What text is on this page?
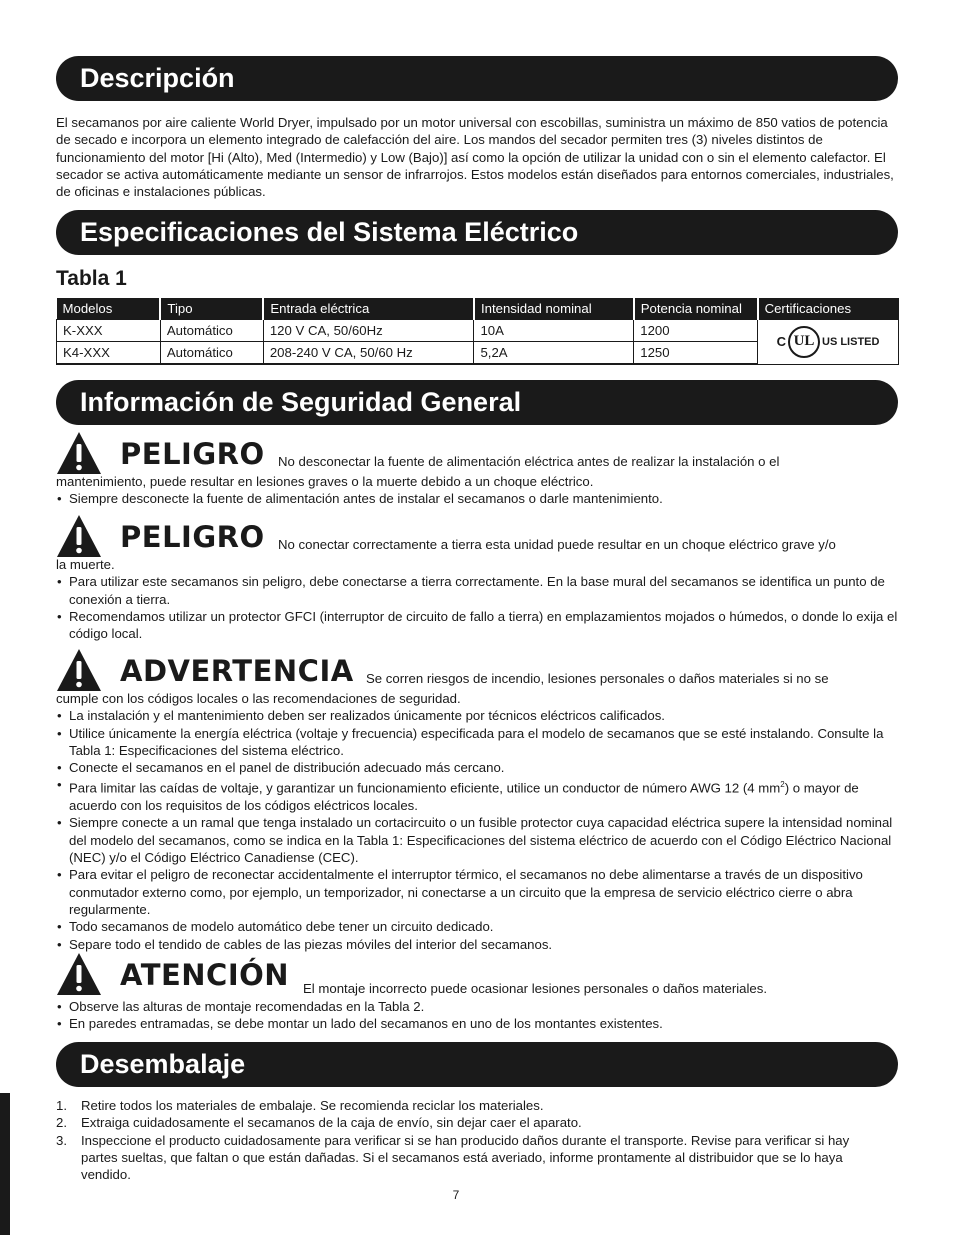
Descripción
El secamanos por aire caliente World Dryer, impulsado por un motor universal con escobillas, suministra un máximo de 850 vatios de potencia de secado e incorpora un elemento integrado de calefacción del aire. Los mandos del secador permiten tres (3) niveles distintos de funcionamiento del motor [Hi (Alto), Med (Intermedio) y Low (Bajo)] así como la opción de utilizar la unidad con o sin el elemento calefactor. El secador se activa automáticamente mediante un sensor de infrarrojos. Estos modelos están diseñados para entornos comerciales, industriales, de oficinas e instalaciones públicas.
Especificaciones del Sistema Eléctrico
Tabla 1
Modelos	Tipo	Entrada eléctrica	Intensidad nominal	Potencia nominal	Certificaciones
K-XXX	Automático	120 V CA, 50/60Hz	10A	1200	C UL US LISTED

K4-XXX	Automático	208-240 V CA, 50/60 Hz	5,2A	1250	
Información de Seguridad General
PELIGRO No desconectar la fuente de alimentación eléctrica antes de realizar la instalación o el
mantenimiento, puede resultar en lesiones graves o la muerte debido a un choque eléctrico.
• Siempre desconecte la fuente de alimentación antes de instalar el secamanos o darle mantenimiento.
PELIGRO No conectar correctamente a tierra esta unidad puede resultar en un choque eléctrico grave y/o
la muerte.
• Para utilizar este secamanos sin peligro, debe conectarse a tierra correctamente. En la base mural del secamanos se identifica un punto de conexión a tierra.
• Recomendamos utilizar un protector GFCI (interruptor de circuito de fallo a tierra) en emplazamientos mojados o húmedos, o donde lo exija el código local.
ADVERTENCIA Se corren riesgos de incendio, lesiones personales o daños materiales si no se
cumple con los códigos locales o las recomendaciones de seguridad.
• La instalación y el mantenimiento deben ser realizados únicamente por técnicos eléctricos calificados.
• Utilice únicamente la energía eléctrica (voltaje y frecuencia) especificada para el modelo de secamanos que se esté instalando. Consulte la Tabla 1: Especificaciones del sistema eléctrico.
• Conecte el secamanos en el panel de distribución adecuado más cercano.
• Para limitar las caídas de voltaje, y garantizar un funcionamiento eficiente, utilice un conductor de número AWG 12 (4 $mm^2$) o mayor de acuerdo con los requisitos de los códigos eléctricos locales.
• Siempre conecte a un ramal que tenga instalado un cortacircuito o un fusible protector cuya capacidad eléctrica supere la intensidad nominal del modelo del secamanos, como se indica en la Tabla 1: Especificaciones del sistema eléctrico de acuerdo con el Código Eléctrico Nacional (NEC) y/o el Código Eléctrico Canadiense (CEC).
• Para evitar el peligro de reconectar accidentalmente el interruptor térmico, el secamanos no debe alimentarse a través de un dispositivo conmutador externo como, por ejemplo, un temporizador, ni conectarse a un circuito que la empresa de servicio eléctrico cierre o abra regularmente.
• Todo secamanos de modelo automático debe tener un circuito dedicado.
• Separe todo el tendido de cables de las piezas móviles del interior del secamanos.
ATENCIÓN El montaje incorrecto puede ocasionar lesiones personales o daños materiales.
• Observe las alturas de montaje recomendadas en la Tabla 2.
• En paredes entramadas, se debe montar un lado del secamanos en uno de los montantes existentes.
Desembalaje
1. Retire todos los materiales de embalaje. Se recomienda reciclar los materiales.
2. Extraiga cuidadosamente el secamanos de la caja de envío, sin dejar caer el aparato.
3. Inspeccione el producto cuidadosamente para verificar si se han producido daños durante el transporte. Revise para verificar si hay partes sueltas, que faltan o que están dañadas. Si el secamanos está averiado, informe prontamente al distribuidor que se lo haya vendido.
7
